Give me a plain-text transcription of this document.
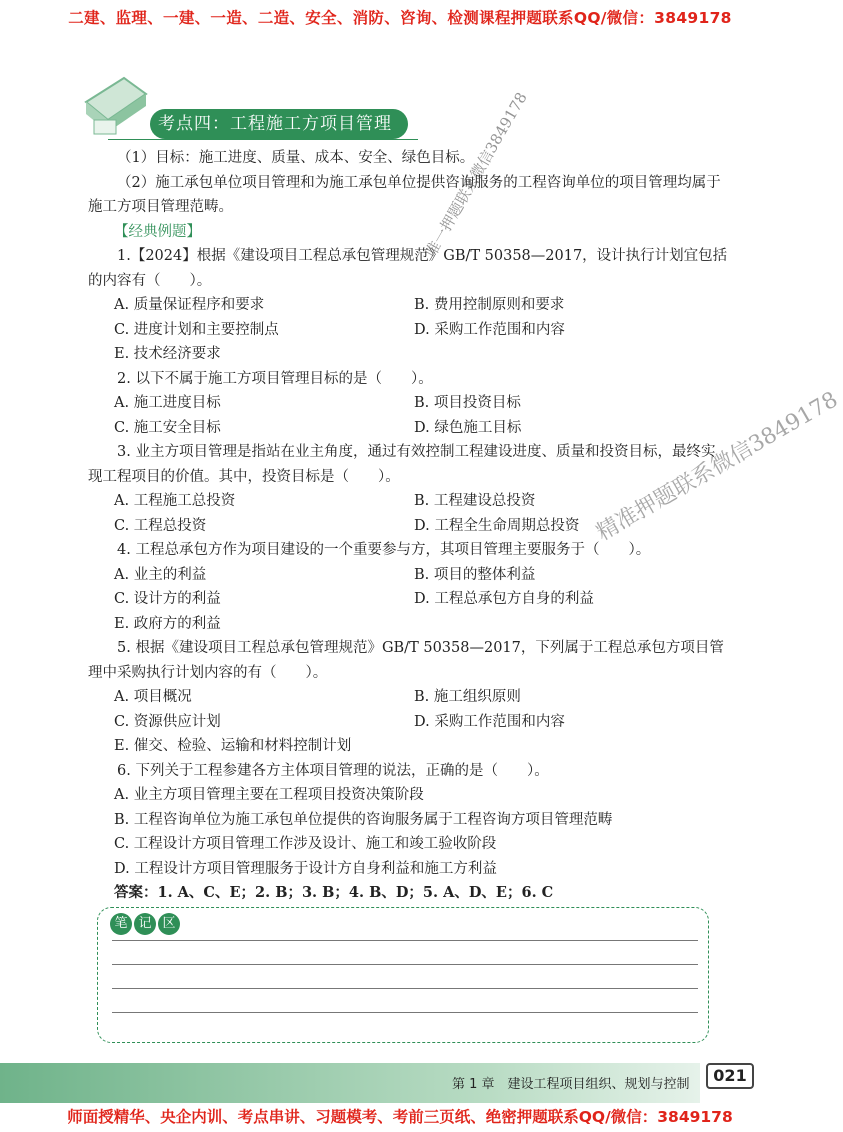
二建、监理、一建、一造、二造、安全、消防、咨询、检测课程押题联系QQ/微信：3849178
考点四：工程施工方项目管理

（1）目标：施工进度、质量、成本、安全、绿色目标。

（2）施工承包单位项目管理和为施工承包单位提供咨询服务的工程咨询单位的项目管理均属于施工方项目管理范畴。

【经典例题】

1.【2024】根据《建设项目工程总承包管理规范》GB/T 50358—2017，设计执行计划宜包括的内容有（　　）。

A. 质量保证程序和要求	B. 费用控制原则和要求
C. 进度计划和主要控制点	D. 采购工作范围和内容
E. 技术经济要求

2. 以下不属于施工方项目管理目标的是（　　）。

A. 施工进度目标	B. 项目投资目标
C. 施工安全目标	D. 绿色施工目标

3. 业主方项目管理是指站在业主角度，通过有效控制工程建设进度、质量和投资目标，最终实现工程项目的价值。其中，投资目标是（　　）。

A. 工程施工总投资	B. 工程建设总投资
C. 工程总投资	D. 工程全生命周期总投资

4. 工程总承包方作为项目建设的一个重要参与方，其项目管理主要服务于（　　）。

A. 业主的利益	B. 项目的整体利益
C. 设计方的利益	D. 工程总承包方自身的利益
E. 政府方的利益

5. 根据《建设项目工程总承包管理规范》GB/T 50358—2017，下列属于工程总承包方项目管理中采购执行计划内容的有（　　）。

A. 项目概况	B. 施工组织原则
C. 资源供应计划	D. 采购工作范围和内容
E. 催交、检验、运输和材料控制计划

6. 下列关于工程参建各方主体项目管理的说法，正确的是（　　）。

A. 业主方项目管理主要在工程项目投资决策阶段
B. 工程咨询单位为施工承包单位提供的咨询服务属于工程咨询方项目管理范畴
C. 工程设计方项目管理工作涉及设计、施工和竣工验收阶段
D. 工程设计方项目管理服务于设计方自身利益和施工方利益
答案：1. A、C、E；2. B；3. B；4. B、D；5. A、D、E；6. C
笔 记 区
唯一押题联系微信3849178
精准押题联系微信3849178
第 1 章　建设工程项目组织、规划与控制	021
师面授精华、央企内训、考点串讲、习题模考、考前三页纸、绝密押题联系QQ/微信：3849178
